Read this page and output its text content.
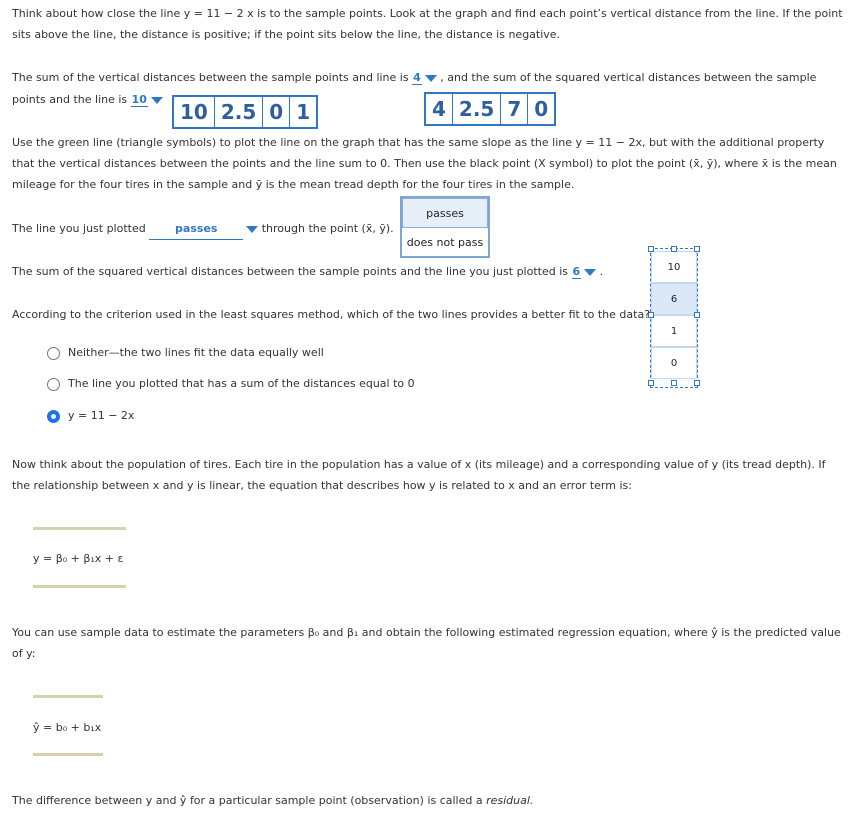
Think about how close the line y = 11 − 2 x is to the sample points. Look at the graph and find each point’s vertical distance from the line. If the point
sits above the line, the distance is positive; if the point sits below the line, the distance is negative.
The sum of the vertical distances between the sample points and line is 4 , and the sum of the squared vertical distances between the sample
points and the line is 10
10 2.5 0 1	4 2.5 7 0
Use the green line (triangle symbols) to plot the line on the graph that has the same slope as the line y = 11 − 2x, but with the additional property
that the vertical distances between the points and the line sum to 0. Then use the black point (X symbol) to plot the point (x̄, ȳ), where x̄ is the mean
mileage for the four tires in the sample and ȳ is the mean tread depth for the four tires in the sample.
The line you just plotted	passes	through the point (x̄, ȳ).
passes
does not pass
The sum of the squared vertical distances between the sample points and the line you just plotted is 6 .	10
6
1
0
According to the criterion used in the least squares method, which of the two lines provides a better fit to the data?
Neither—the two lines fit the data equally well
The line you plotted that has a sum of the distances equal to 0
y = 11 − 2x
Now think about the population of tires. Each tire in the population has a value of x (its mileage) and a corresponding value of y (its tread depth). If
the relationship between x and y is linear, the equation that describes how y is related to x and an error term is:
y = β₀ + β₁x + ε
You can use sample data to estimate the parameters β₀ and β₁ and obtain the following estimated regression equation, where ŷ is the predicted value
of y:
ŷ = b₀ + b₁x
The difference between y and ŷ for a particular sample point (observation) is called a residual.
